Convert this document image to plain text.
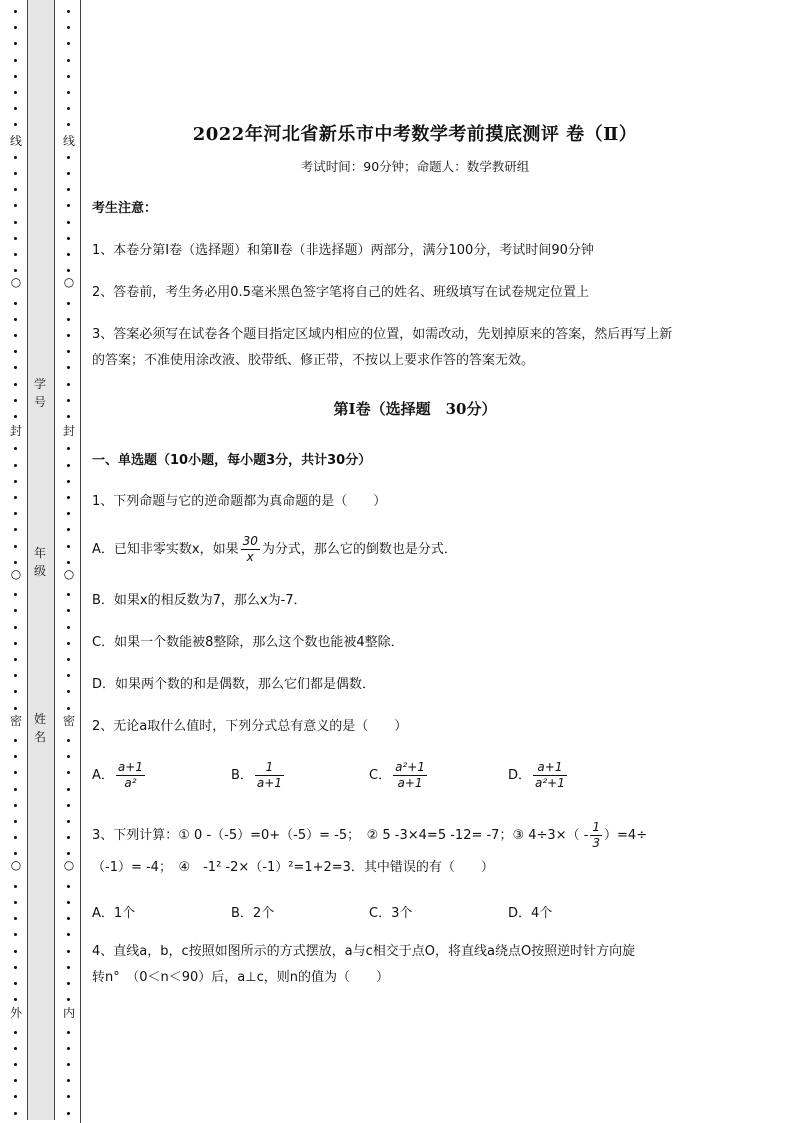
线
封
密
外
○
○
○
线
封
密
内
○
○
○
学号
年级
姓名
2022年河北省新乐市中考数学考前摸底测评 卷（Ⅱ）
考试时间：90分钟；命题人：数学教研组
考生注意：
1、本卷分第Ⅰ卷（选择题）和第Ⅱ卷（非选择题）两部分，满分100分，考试时间90分钟
2、答卷前，考生务必用0.5毫米黑色签字笔将自己的姓名、班级填写在试卷规定位置上
3、答案必须写在试卷各个题目指定区域内相应的位置，如需改动，先划掉原来的答案，然后再写上新
的答案；不准使用涂改液、胶带纸、修正带，不按以上要求作答的答案无效。
第Ⅰ卷（选择题　30分）
一、单选题（10小题，每小题3分，共计30分）
1、下列命题与它的逆命题都为真命题的是（　　）
A．已知非零实数x，如果 $\frac{30}{x}$ 为分式，那么它的倒数也是分式．
B．如果x的相反数为7，那么x为-7．
C．如果一个数能被8整除，那么这个数也能被4整除．
D．如果两个数的和是偶数，那么它们都是偶数．
2、无论a取什么值时，下列分式总有意义的是（　　）
A． $\frac{a+1}{\text{a²}}$	B． $\frac{1}{a+1}$	C． $\frac{\text{a²+1}}{a+1}$	D． $\frac{a+1}{\text{a²+1}}$
3、下列计算：① 0 -（-5）=0+（-5）= -5；　② 5 -3×4=5 -12= -7；③ $4\div 3\times( - \frac{1}{3} )=4\div$
（-1）= -4；　④　-1² -2×（-1）²=1+2=3．其中错误的有（　　）
A．1个	B．2个	C．3个	D．4个
4、直线a，b，c按照如图所示的方式摆放，a与c相交于点O，将直线a绕点O按照逆时针方向旋
转n°　（0＜n＜90）后，a⊥c，则n的值为（　　）
